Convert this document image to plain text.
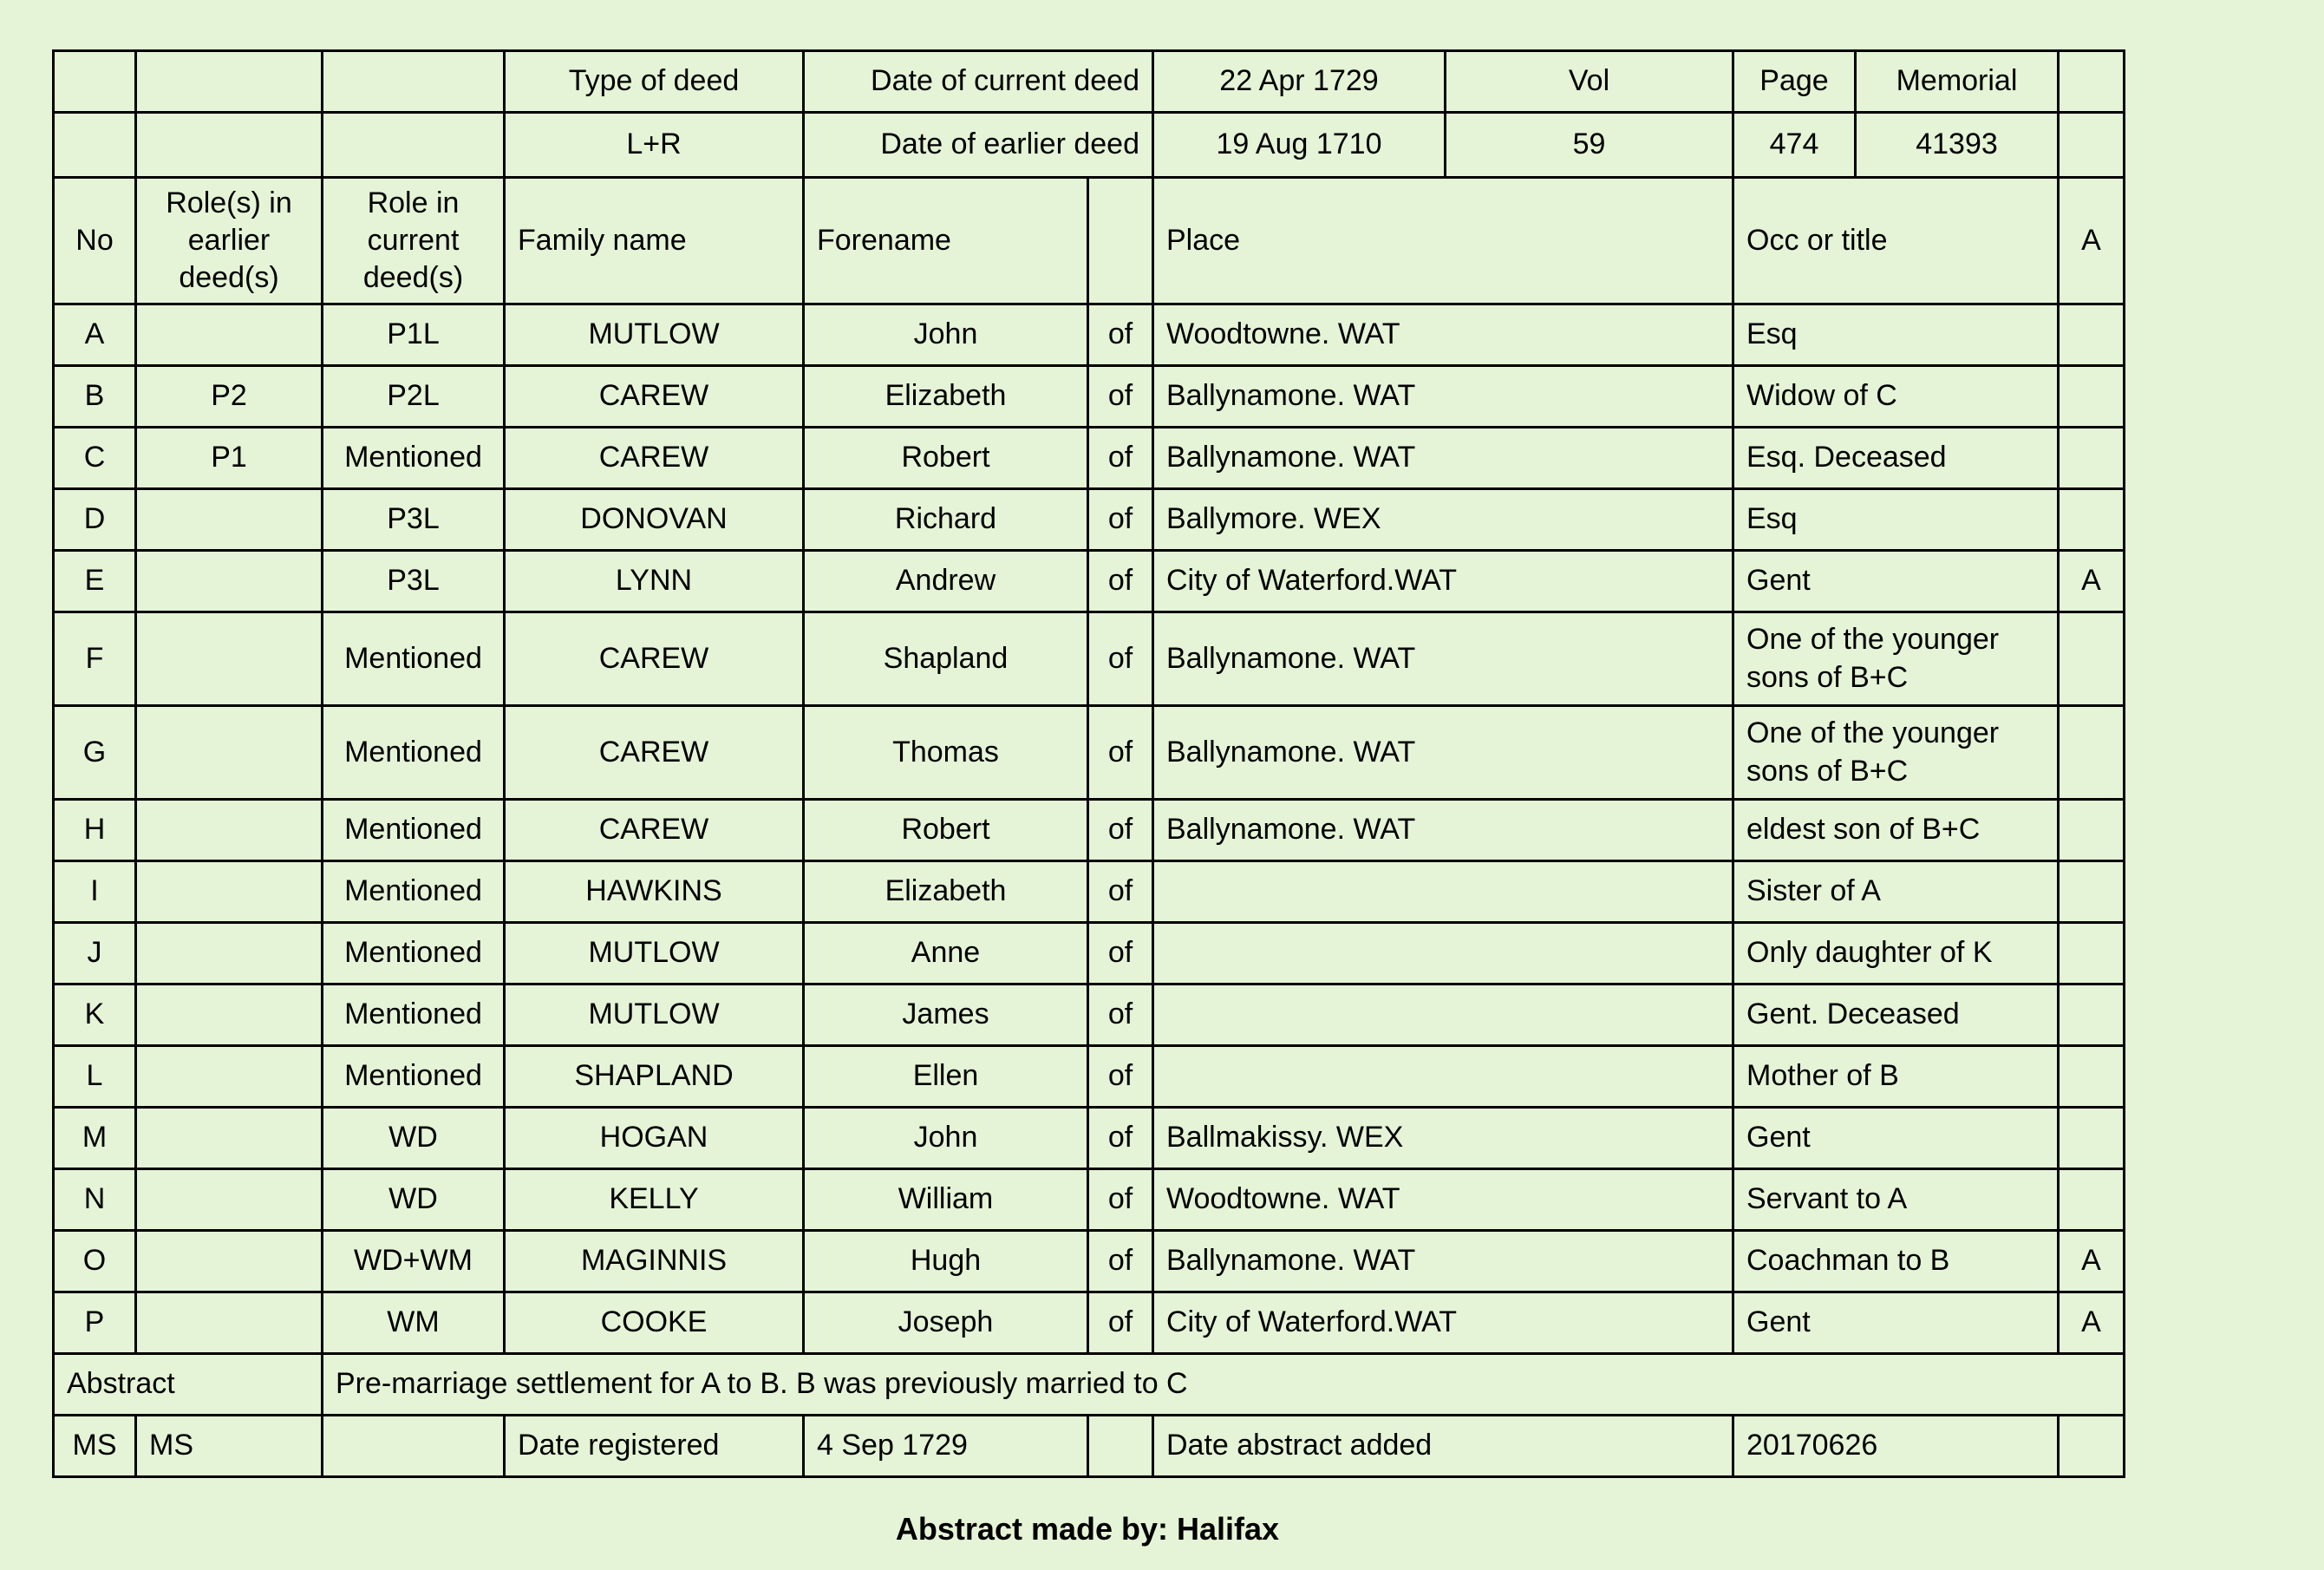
			Type of deed	Date of current deed		22 Apr 1729	Vol	Page	Memorial	
			L+R	Date of earlier deed		19 Aug 1710	59	474	41393	
No	Role(s) in earlier deed(s)	Role in current deed(s)	Family name	Forename		Place		Occ or title		A
A		P1L	MUTLOW	John	of	Woodtowne. WAT		Esq		
B	P2	P2L	CAREW	Elizabeth	of	Ballynamone. WAT		Widow of C		
C	P1	Mentioned	CAREW	Robert	of	Ballynamone. WAT		Esq. Deceased		
D		P3L	DONOVAN	Richard	of	Ballymore. WEX		Esq		
E		P3L	LYNN	Andrew	of	City of Waterford.WAT		Gent		A
F		Mentioned	CAREW	Shapland	of	Ballynamone. WAT		One of the younger sons of B+C		
G		Mentioned	CAREW	Thomas	of	Ballynamone. WAT		One of the younger sons of B+C		
H		Mentioned	CAREW	Robert	of	Ballynamone. WAT		eldest son of B+C		
I		Mentioned	HAWKINS	Elizabeth	of			Sister of A		
J		Mentioned	MUTLOW	Anne	of			Only daughter of K		
K		Mentioned	MUTLOW	James	of			Gent. Deceased		
L		Mentioned	SHAPLAND	Ellen	of			Mother of B		
M		WD	HOGAN	John	of	Ballmakissy. WEX		Gent		
N		WD	KELLY	William	of	Woodtowne. WAT		Servant to A		
O		WD+WM	MAGINNIS	Hugh	of	Ballynamone. WAT		Coachman to B		A
P		WM	COOKE	Joseph	of	City of Waterford.WAT		Gent		A
Abstract		Pre-marriage settlement for A to B. B was previously married to C								
MS	MS		Date registered	4 Sep 1729		Date abstract added		20170626		
Abstract made by: Halifax
